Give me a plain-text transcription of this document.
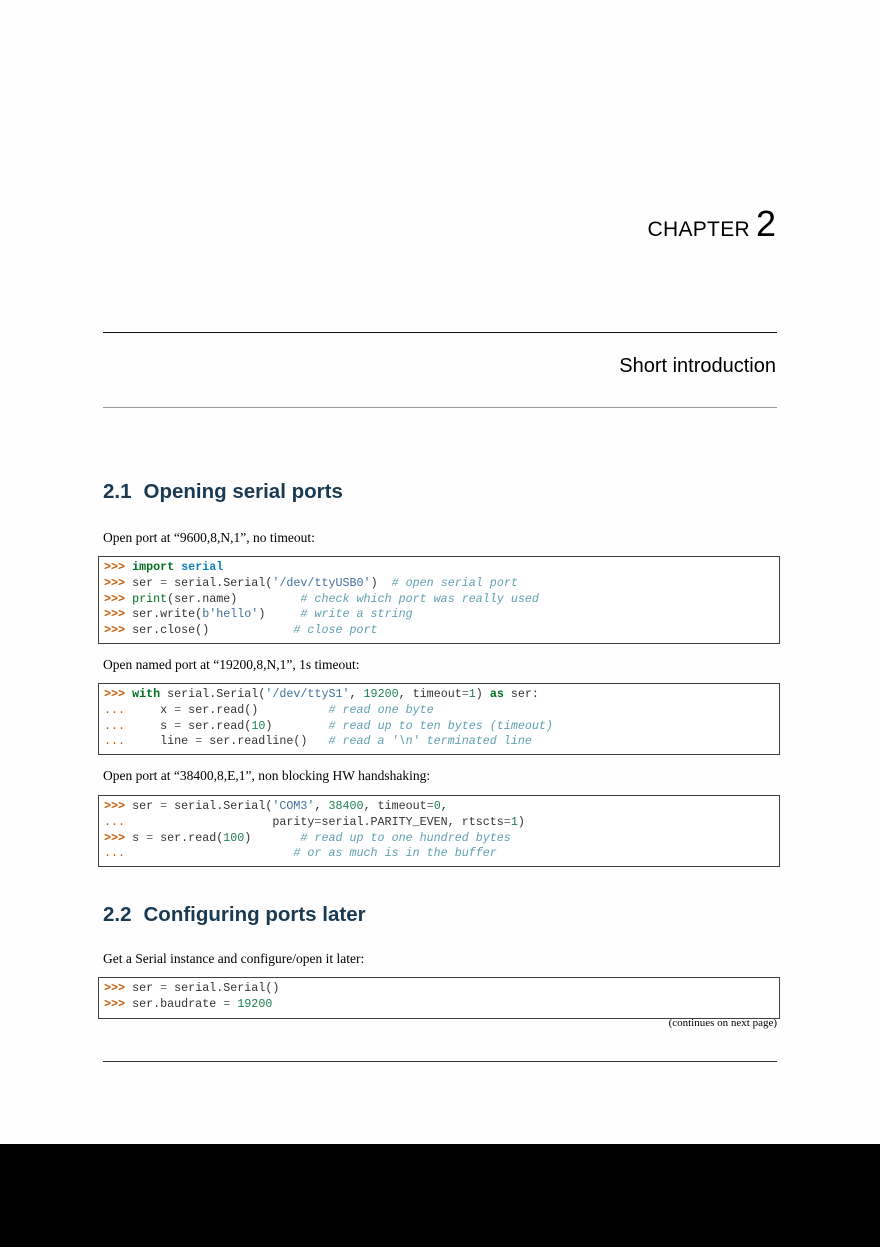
CHAPTER 2
Short introduction
2.1 Opening serial ports
Open port at “9600,8,N,1”, no timeout:
>>> import serial
>>> ser = serial.Serial('/dev/ttyUSB0')  # open serial port
>>> print(ser.name)         # check which port was really used
>>> ser.write(b'hello')     # write a string
>>> ser.close()            # close port
Open named port at “19200,8,N,1”, 1s timeout:
>>> with serial.Serial('/dev/ttyS1', 19200, timeout=1) as ser:
...     x = ser.read()          # read one byte
...     s = ser.read(10)        # read up to ten bytes (timeout)
...     line = ser.readline()   # read a '\n' terminated line
Open port at “38400,8,E,1”, non blocking HW handshaking:
>>> ser = serial.Serial('COM3', 38400, timeout=0,
...                     parity=serial.PARITY_EVEN, rtscts=1)
>>> s = ser.read(100)       # read up to one hundred bytes
...	# or as much is in the buffer
2.2 Configuring ports later
Get a Serial instance and configure/open it later:
>>> ser = serial.Serial()
>>> ser.baudrate = 19200
(continues on next page)
